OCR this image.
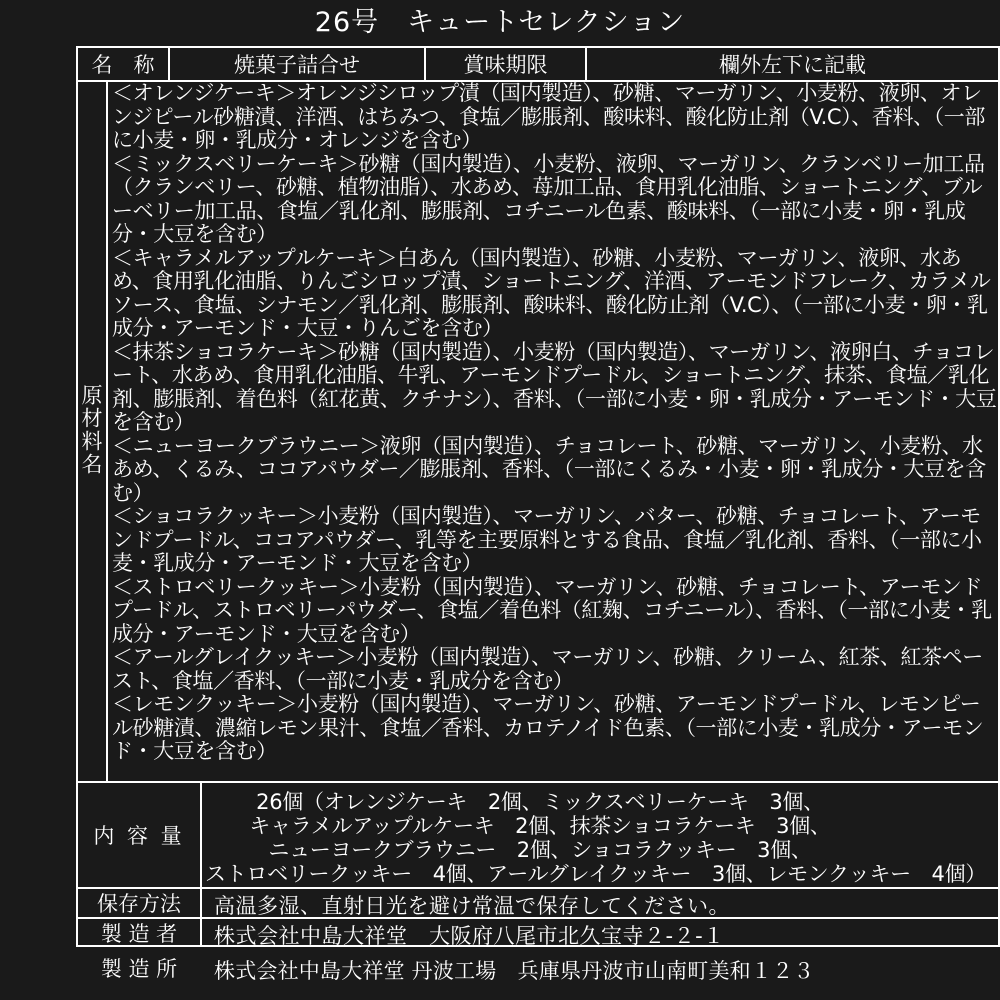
26号　キュートセレクション
名　称	焼菓子詰合せ	賞味期限	欄外左下に記載
原材料名

＜オレンジケーキ＞オレンジシロップ漬（国内製造）、砂糖、マーガリン、小麦粉、液卵、オレンジピール砂糖漬、洋酒、はちみつ、食塩／膨脹剤、酸味料、酸化防止剤（V.C）、香料、（一部に小麦・卵・乳成分・オレンジを含む）

＜ミックスベリーケーキ＞砂糖（国内製造）、小麦粉、液卵、マーガリン、クランベリー加工品（クランベリー、砂糖、植物油脂）、水あめ、苺加工品、食用乳化油脂、ショートニング、ブルーベリー加工品、食塩／乳化剤、膨脹剤、コチニール色素、酸味料、（一部に小麦・卵・乳成分・大豆を含む）

＜キャラメルアップルケーキ＞白あん（国内製造）、砂糖、小麦粉、マーガリン、液卵、水あめ、食用乳化油脂、りんごシロップ漬、ショートニング、洋酒、アーモンドフレーク、カラメルソース、食塩、シナモン／乳化剤、膨脹剤、酸味料、酸化防止剤（V.C）、（一部に小麦・卵・乳成分・アーモンド・大豆・りんごを含む）

＜抹茶ショコラケーキ＞砂糖（国内製造）、小麦粉（国内製造）、マーガリン、液卵白、チョコレート、水あめ、食用乳化油脂、牛乳、アーモンドプードル、ショートニング、抹茶、食塩／乳化剤、膨脹剤、着色料（紅花黄、クチナシ）、香料、（一部に小麦・卵・乳成分・アーモンド・大豆を含む）

＜ニューヨークブラウニー＞液卵（国内製造）、チョコレート、砂糖、マーガリン、小麦粉、水あめ、くるみ、ココアパウダー／膨脹剤、香料、（一部にくるみ・小麦・卵・乳成分・大豆を含む）

＜ショコラクッキー＞小麦粉（国内製造）、マーガリン、バター、砂糖、チョコレート、アーモンドプードル、ココアパウダー、乳等を主要原料とする食品、食塩／乳化剤、香料、（一部に小麦・乳成分・アーモンド・大豆を含む）

＜ストロベリークッキー＞小麦粉（国内製造）、マーガリン、砂糖、チョコレート、アーモンドプードル、ストロベリーパウダー、食塩／着色料（紅麹、コチニール）、香料、（一部に小麦・乳成分・アーモンド・大豆を含む）

＜アールグレイクッキー＞小麦粉（国内製造）、マーガリン、砂糖、クリーム、紅茶、紅茶ペースト、食塩／香料、（一部に小麦・乳成分を含む）

＜レモンクッキー＞小麦粉（国内製造）、マーガリン、砂糖、アーモンドプードル、レモンピール砂糖漬、濃縮レモン果汁、食塩／香料、カロテノイド色素、（一部に小麦・乳成分・アーモンド・大豆を含む）

内 容 量
26個（オレンジケーキ　2個、ミックスベリーケーキ　3個、
キャラメルアップルケーキ　2個、抹茶ショコラケーキ　3個、
ニューヨークブラウニー　2個、ショコラクッキー　3個、
ストロベリークッキー　4個、アールグレイクッキー　3個、レモンクッキー　4個）
保存方法	高温多湿、直射日光を避け常温で保存してください。
製 造 者	株式会社中島大祥堂　大阪府八尾市北久宝寺２-２-１
製 造 所	株式会社中島大祥堂 丹波工場　兵庫県丹波市山南町美和１２３
